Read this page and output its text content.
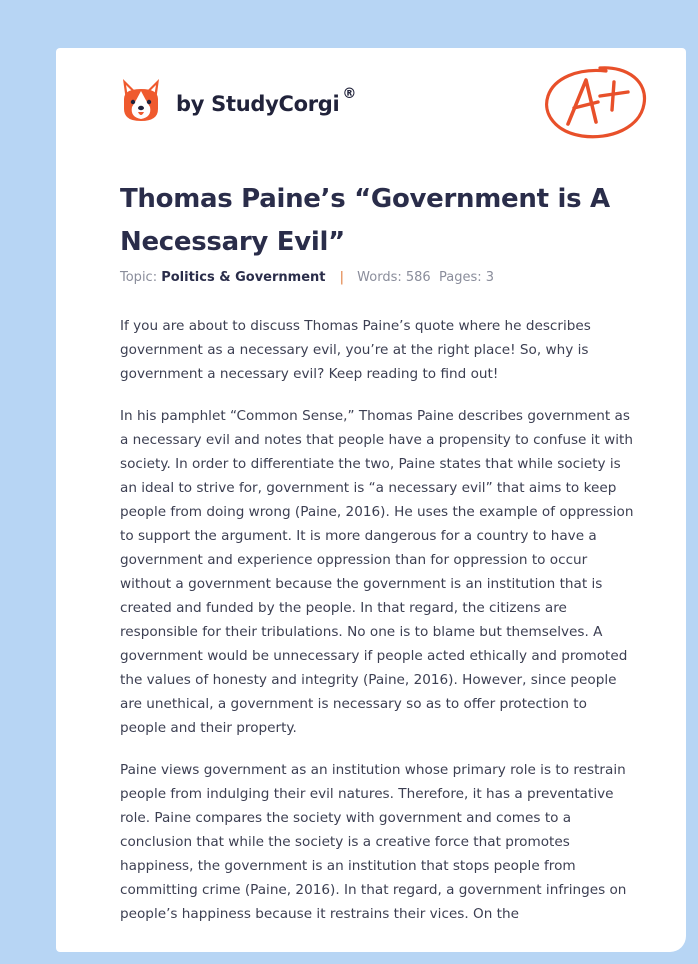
by StudyCorgi ®
Thomas Paine’s “Government is A Necessary Evil”
Topic: Politics & Government | Words: 586 Pages: 3

If you are about to discuss Thomas Paine’s quote where he describes government as a necessary evil, you’re at the right place! So, why is government a necessary evil? Keep reading to find out!

In his pamphlet “Common Sense,” Thomas Paine describes government as a necessary evil and notes that people have a propensity to confuse it with society. In order to differentiate the two, Paine states that while society is an ideal to strive for, government is “a necessary evil” that aims to keep people from doing wrong (Paine, 2016). He uses the example of oppression to support the argument. It is more dangerous for a country to have a government and experience oppression than for oppression to occur without a government because the government is an institution that is created and funded by the people. In that regard, the citizens are responsible for their tribulations. No one is to blame but themselves. A government would be unnecessary if people acted ethically and promoted the values of honesty and integrity (Paine, 2016). However, since people are unethical, a government is necessary so as to offer protection to people and their property.

Paine views government as an institution whose primary role is to restrain people from indulging their evil natures. Therefore, it has a preventative role. Paine compares the society with government and comes to a conclusion that while the society is a creative force that promotes happiness, the government is an institution that stops people from committing crime (Paine, 2016). In that regard, a government infringes on people’s happiness because it restrains their vices. On the
